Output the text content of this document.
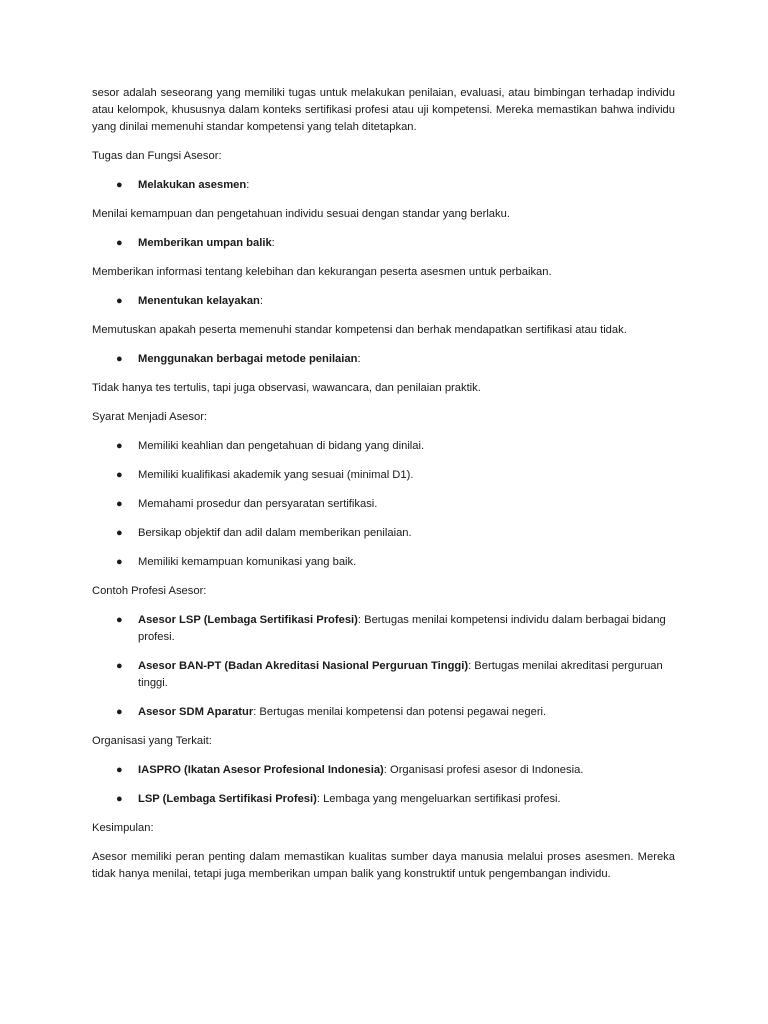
sesor adalah seseorang yang memiliki tugas untuk melakukan penilaian, evaluasi, atau bimbingan terhadap individu atau kelompok, khususnya dalam konteks sertifikasi profesi atau uji kompetensi. Mereka memastikan bahwa individu yang dinilai memenuhi standar kompetensi yang telah ditetapkan.

Tugas dan Fungsi Asesor:
● Melakukan asesmen:

Menilai kemampuan dan pengetahuan individu sesuai dengan standar yang berlaku.

● Memberikan umpan balik:

Memberikan informasi tentang kelebihan dan kekurangan peserta asesmen untuk perbaikan.

● Menentukan kelayakan:

Memutuskan apakah peserta memenuhi standar kompetensi dan berhak mendapatkan sertifikasi atau tidak.

● Menggunakan berbagai metode penilaian:

Tidak hanya tes tertulis, tapi juga observasi, wawancara, dan penilaian praktik.

Syarat Menjadi Asesor:
● Memiliki keahlian dan pengetahuan di bidang yang dinilai.
● Memiliki kualifikasi akademik yang sesuai (minimal D1).
● Memahami prosedur dan persyaratan sertifikasi.
● Bersikap objektif dan adil dalam memberikan penilaian.
● Memiliki kemampuan komunikasi yang baik.
Contoh Profesi Asesor:
● Asesor LSP (Lembaga Sertifikasi Profesi): Bertugas menilai kompetensi individu dalam berbagai bidang profesi.
● Asesor BAN-PT (Badan Akreditasi Nasional Perguruan Tinggi): Bertugas menilai akreditasi perguruan tinggi.
● Asesor SDM Aparatur: Bertugas menilai kompetensi dan potensi pegawai negeri.
Organisasi yang Terkait:
● IASPRO (Ikatan Asesor Profesional Indonesia): Organisasi profesi asesor di Indonesia.
● LSP (Lembaga Sertifikasi Profesi): Lembaga yang mengeluarkan sertifikasi profesi.
Kesimpulan:

Asesor memiliki peran penting dalam memastikan kualitas sumber daya manusia melalui proses asesmen. Mereka tidak hanya menilai, tetapi juga memberikan umpan balik yang konstruktif untuk pengembangan individu.
